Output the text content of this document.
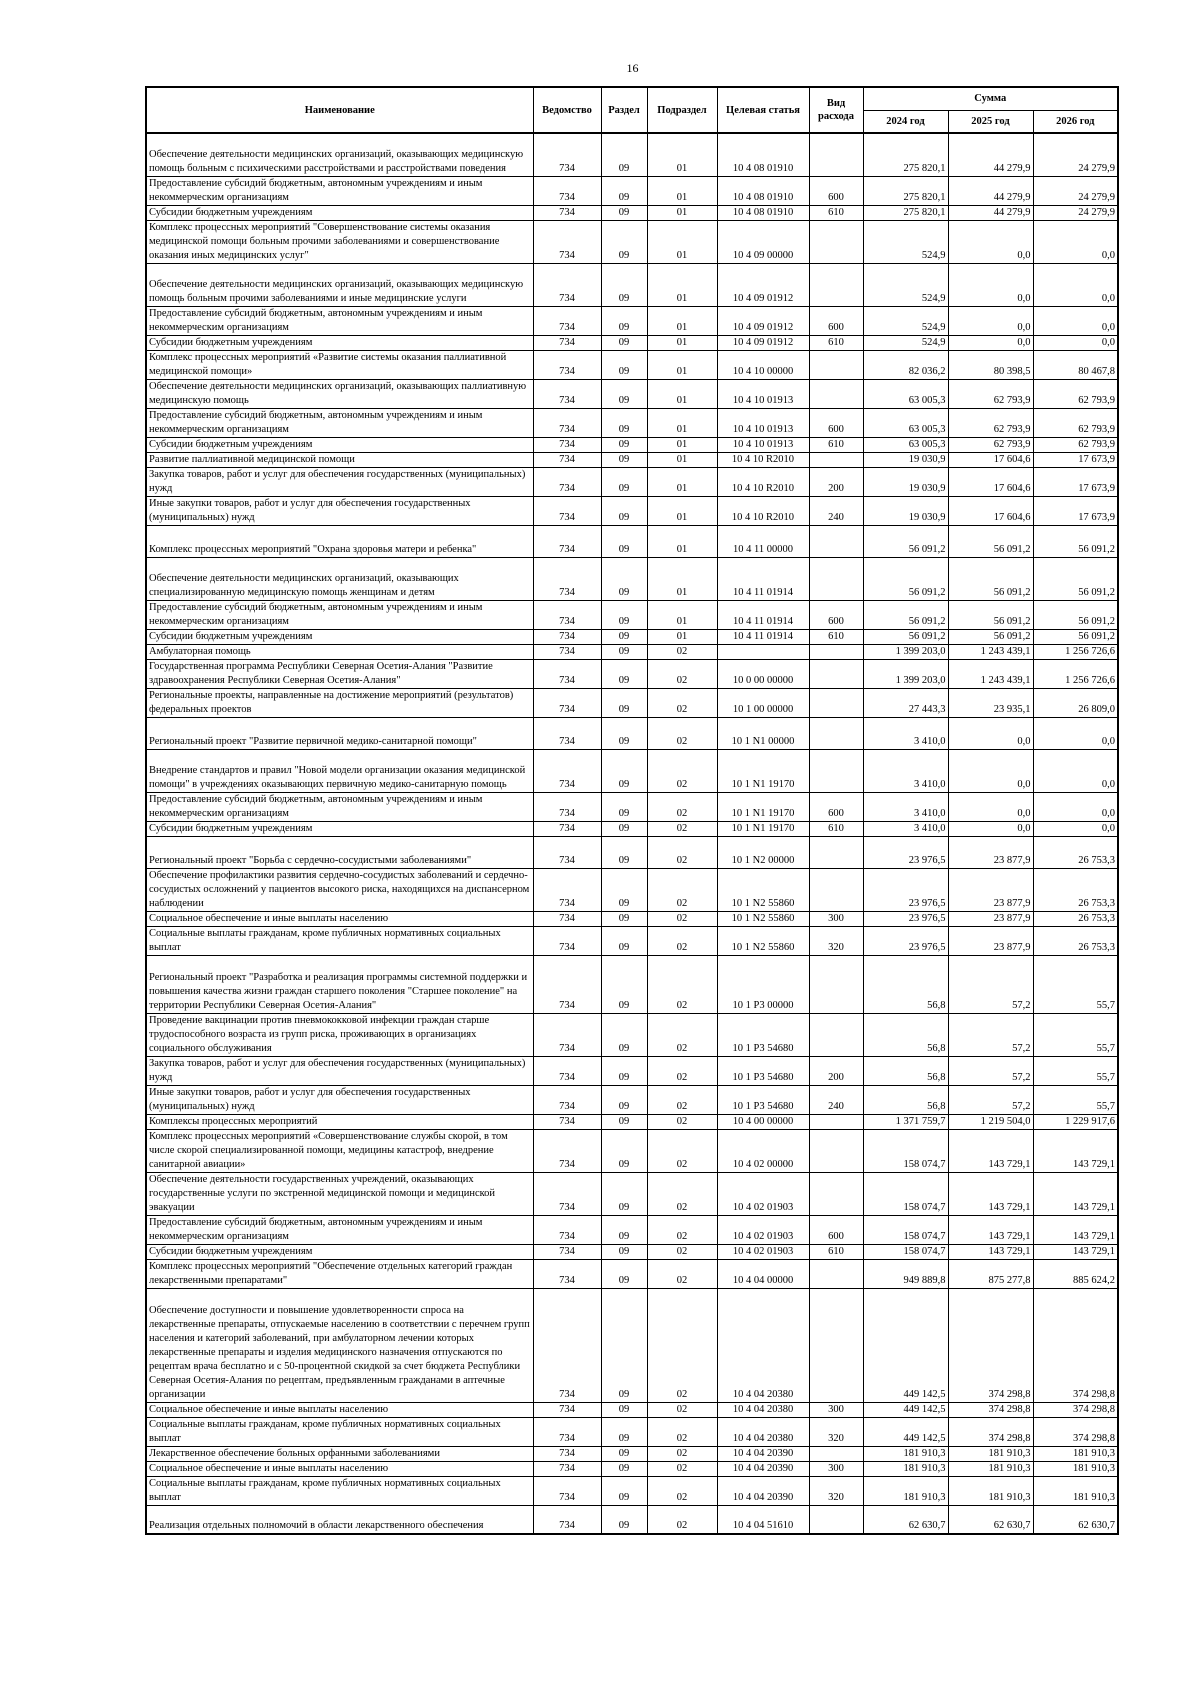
16
Наименование	Ведомство	Раздел	Подраздел	Целевая статья	Вид расхода	Сумма		
						2024 год	2025 год	2026 год
Обеспечение деятельности медицинских организаций, оказывающих медицинскую помощь больным с психическими расстройствами и расстройствами поведения	734	09	01	10 4 08 01910		275 820,1	44 279,9	24 279,9
Предоставление субсидий бюджетным, автономным учреждениям и иным некоммерческим организациям	734	09	01	10 4 08 01910	600	275 820,1	44 279,9	24 279,9
Субсидии бюджетным учреждениям	734	09	01	10 4 08 01910	610	275 820,1	44 279,9	24 279,9
Комплекс процессных мероприятий "Совершенствование системы оказания медицинской помощи больным прочими заболеваниями и совершенствование оказания иных медицинских услуг"	734	09	01	10 4 09 00000		524,9	0,0	0,0
Обеспечение деятельности медицинских организаций, оказывающих медицинскую помощь больным прочими заболеваниями и иные медицинские услуги	734	09	01	10 4 09 01912		524,9	0,0	0,0
Предоставление субсидий бюджетным, автономным учреждениям и иным некоммерческим организациям	734	09	01	10 4 09 01912	600	524,9	0,0	0,0
Субсидии бюджетным учреждениям	734	09	01	10 4 09 01912	610	524,9	0,0	0,0
Комплекс процессных мероприятий «Развитие системы оказания паллиативной медицинской помощи»	734	09	01	10 4 10 00000		82 036,2	80 398,5	80 467,8
Обеспечение деятельности медицинских организаций, оказывающих паллиативную медицинскую помощь	734	09	01	10 4 10 01913		63 005,3	62 793,9	62 793,9
Предоставление субсидий бюджетным, автономным учреждениям и иным некоммерческим организациям	734	09	01	10 4 10 01913	600	63 005,3	62 793,9	62 793,9
Субсидии бюджетным учреждениям	734	09	01	10 4 10 01913	610	63 005,3	62 793,9	62 793,9
Развитие паллиативной медицинской помощи	734	09	01	10 4 10 R2010		19 030,9	17 604,6	17 673,9
Закупка товаров, работ и услуг для обеспечения государственных (муниципальных) нужд	734	09	01	10 4 10 R2010	200	19 030,9	17 604,6	17 673,9
Иные закупки товаров, работ и услуг для обеспечения государственных (муниципальных) нужд	734	09	01	10 4 10 R2010	240	19 030,9	17 604,6	17 673,9
Комплекс процессных мероприятий "Охрана здоровья матери и ребенка"	734	09	01	10 4 11 00000		56 091,2	56 091,2	56 091,2
Обеспечение деятельности медицинских организаций, оказывающих специализированную медицинскую помощь женщинам и детям	734	09	01	10 4 11 01914		56 091,2	56 091,2	56 091,2
Предоставление субсидий бюджетным, автономным учреждениям и иным некоммерческим организациям	734	09	01	10 4 11 01914	600	56 091,2	56 091,2	56 091,2
Субсидии бюджетным учреждениям	734	09	01	10 4 11 01914	610	56 091,2	56 091,2	56 091,2
Амбулаторная помощь	734	09	02			1 399 203,0	1 243 439,1	1 256 726,6
Государственная программа Республики Северная Осетия-Алания "Развитие здравоохранения Республики Северная Осетия-Алания"	734	09	02	10 0 00 00000		1 399 203,0	1 243 439,1	1 256 726,6
Региональные проекты, направленные на достижение мероприятий (результатов) федеральных проектов	734	09	02	10 1 00 00000		27 443,3	23 935,1	26 809,0
Региональный проект "Развитие первичной медико-санитарной помощи"	734	09	02	10 1 N1 00000		3 410,0	0,0	0,0
Внедрение стандартов и правил "Новой модели организации оказания медицинской помощи" в учреждениях оказывающих первичную медико-санитарную помощь	734	09	02	10 1 N1 19170		3 410,0	0,0	0,0
Предоставление субсидий бюджетным, автономным учреждениям и иным некоммерческим организациям	734	09	02	10 1 N1 19170	600	3 410,0	0,0	0,0
Субсидии бюджетным учреждениям	734	09	02	10 1 N1 19170	610	3 410,0	0,0	0,0
Региональный проект "Борьба с сердечно-сосудистыми заболеваниями"	734	09	02	10 1 N2 00000		23 976,5	23 877,9	26 753,3
Обеспечение профилактики развития сердечно-сосудистых заболеваний и сердечно-сосудистых осложнений у пациентов высокого риска, находящихся на диспансерном наблюдении	734	09	02	10 1 N2 55860		23 976,5	23 877,9	26 753,3
Социальное обеспечение и иные выплаты населению	734	09	02	10 1 N2 55860	300	23 976,5	23 877,9	26 753,3
Социальные выплаты гражданам, кроме публичных нормативных социальных выплат	734	09	02	10 1 N2 55860	320	23 976,5	23 877,9	26 753,3
Региональный проект "Разработка и реализация программы системной поддержки и повышения качества жизни граждан старшего поколения "Старшее поколение" на территории Республики Северная Осетия-Алания"	734	09	02	10 1 P3 00000		56,8	57,2	55,7
Проведение вакцинации против пневмококковой инфекции граждан старше трудоспособного возраста из групп риска, проживающих в организациях социального обслуживания	734	09	02	10 1 P3 54680		56,8	57,2	55,7
Закупка товаров, работ и услуг для обеспечения государственных (муниципальных) нужд	734	09	02	10 1 P3 54680	200	56,8	57,2	55,7
Иные закупки товаров, работ и услуг для обеспечения государственных (муниципальных) нужд	734	09	02	10 1 P3 54680	240	56,8	57,2	55,7
Комплексы процессных мероприятий	734	09	02	10 4 00 00000		1 371 759,7	1 219 504,0	1 229 917,6
Комплекс процессных мероприятий «Совершенствование службы скорой, в том числе скорой специализированной помощи, медицины катастроф, внедрение санитарной авиации»	734	09	02	10 4 02 00000		158 074,7	143 729,1	143 729,1
Обеспечение деятельности государственных учреждений, оказывающих государственные услуги по экстренной медицинской помощи и медицинской эвакуации	734	09	02	10 4 02 01903		158 074,7	143 729,1	143 729,1
Предоставление субсидий бюджетным, автономным учреждениям и иным некоммерческим организациям	734	09	02	10 4 02 01903	600	158 074,7	143 729,1	143 729,1
Субсидии бюджетным учреждениям	734	09	02	10 4 02 01903	610	158 074,7	143 729,1	143 729,1
Комплекс процессных мероприятий "Обеспечение отдельных категорий граждан лекарственными препаратами"	734	09	02	10 4 04 00000		949 889,8	875 277,8	885 624,2
Обеспечение доступности и повышение удовлетворенности спроса на лекарственные препараты, отпускаемые населению в соответствии с перечнем групп населения и категорий заболеваний, при амбулаторном лечении которых лекарственные препараты и изделия медицинского назначения отпускаются по рецептам врача бесплатно и с 50-процентной скидкой за счет бюджета Республики Северная Осетия-Алания по рецептам, предъявленным гражданами в аптечные организации	734	09	02	10 4 04 20380		449 142,5	374 298,8	374 298,8
Социальное обеспечение и иные выплаты населению	734	09	02	10 4 04 20380	300	449 142,5	374 298,8	374 298,8
Социальные выплаты гражданам, кроме публичных нормативных социальных выплат	734	09	02	10 4 04 20380	320	449 142,5	374 298,8	374 298,8
Лекарственное обеспечение больных орфанными заболеваниями	734	09	02	10 4 04 20390		181 910,3	181 910,3	181 910,3
Социальное обеспечение и иные выплаты населению	734	09	02	10 4 04 20390	300	181 910,3	181 910,3	181 910,3
Социальные выплаты гражданам, кроме публичных нормативных социальных выплат	734	09	02	10 4 04 20390	320	181 910,3	181 910,3	181 910,3
Реализация отдельных полномочий в области лекарственного обеспечения	734	09	02	10 4 04 51610		62 630,7	62 630,7	62 630,7
